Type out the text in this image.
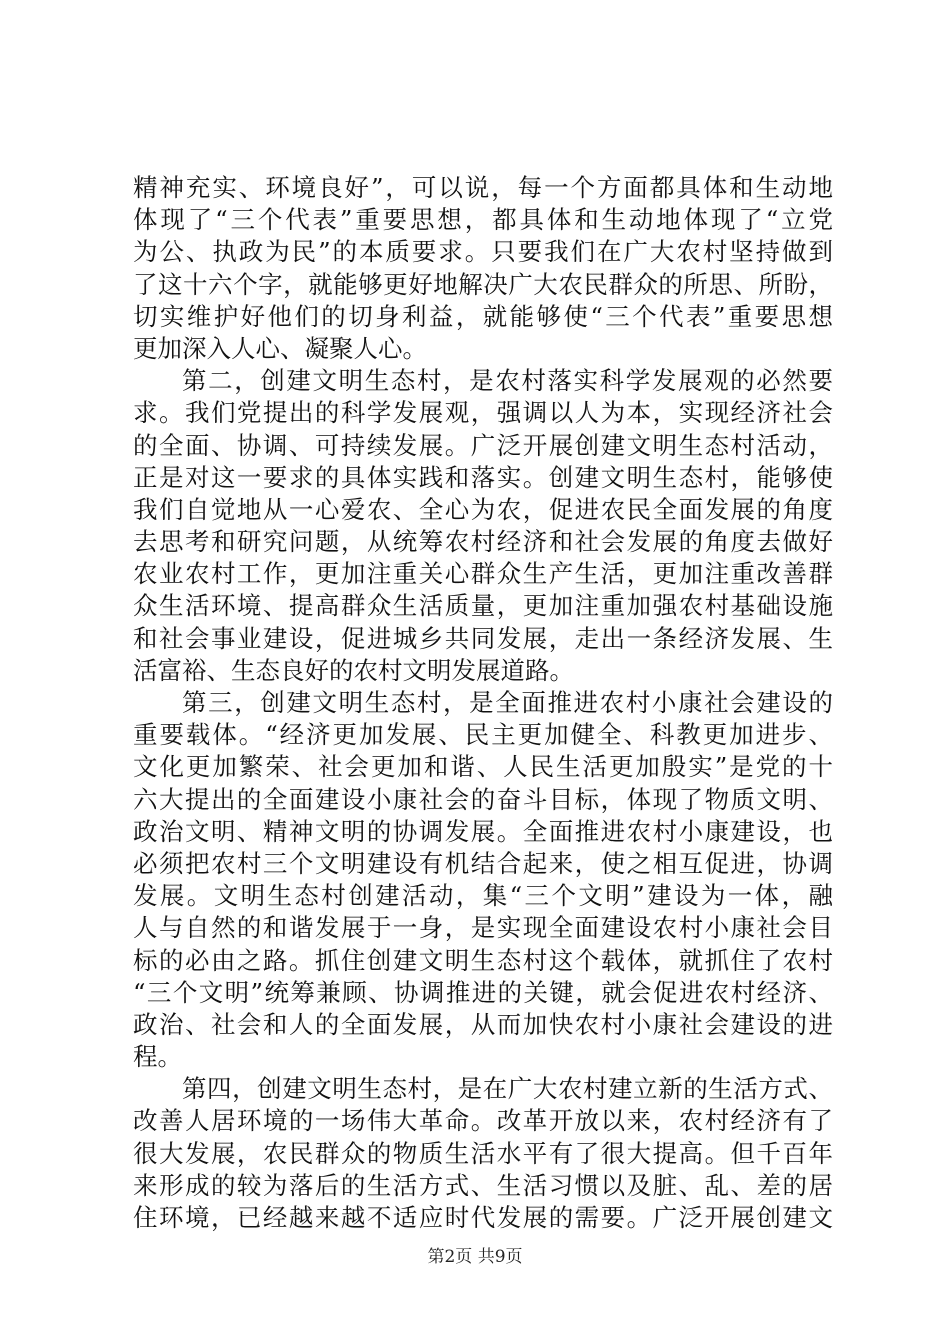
精神充实、环境良好”，可以说，每一个方面都具体和生动地
体现了“三个代表”重要思想，都具体和生动地体现了“立党
为公、执政为民”的本质要求。只要我们在广大农村坚持做到
了这十六个字，就能够更好地解决广大农民群众的所思、所盼，
切实维护好他们的切身利益，就能够使“三个代表”重要思想
更加深入人心、凝聚人心。
第二，创建文明生态村，是农村落实科学发展观的必然要
求。我们党提出的科学发展观，强调以人为本，实现经济社会
的全面、协调、可持续发展。广泛开展创建文明生态村活动，
正是对这一要求的具体实践和落实。创建文明生态村，能够使
我们自觉地从一心爱农、全心为农，促进农民全面发展的角度
去思考和研究问题，从统筹农村经济和社会发展的角度去做好
农业农村工作，更加注重关心群众生产生活，更加注重改善群
众生活环境、提高群众生活质量，更加注重加强农村基础设施
和社会事业建设，促进城乡共同发展，走出一条经济发展、生
活富裕、生态良好的农村文明发展道路。
第三，创建文明生态村，是全面推进农村小康社会建设的
重要载体。“经济更加发展、民主更加健全、科教更加进步、
文化更加繁荣、社会更加和谐、人民生活更加殷实”是党的十
六大提出的全面建设小康社会的奋斗目标，体现了物质文明、
政治文明、精神文明的协调发展。全面推进农村小康建设，也
必须把农村三个文明建设有机结合起来，使之相互促进，协调
发展。文明生态村创建活动，集“三个文明”建设为一体，融
人与自然的和谐发展于一身，是实现全面建设农村小康社会目
标的必由之路。抓住创建文明生态村这个载体，就抓住了农村
“三个文明”统筹兼顾、协调推进的关键，就会促进农村经济、
政治、社会和人的全面发展，从而加快农村小康社会建设的进
程。
第四，创建文明生态村，是在广大农村建立新的生活方式、
改善人居环境的一场伟大革命。改革开放以来，农村经济有了
很大发展，农民群众的物质生活水平有了很大提高。但千百年
来形成的较为落后的生活方式、生活习惯以及脏、乱、差的居
住环境，已经越来越不适应时代发展的需要。广泛开展创建文
第2页 共9页
